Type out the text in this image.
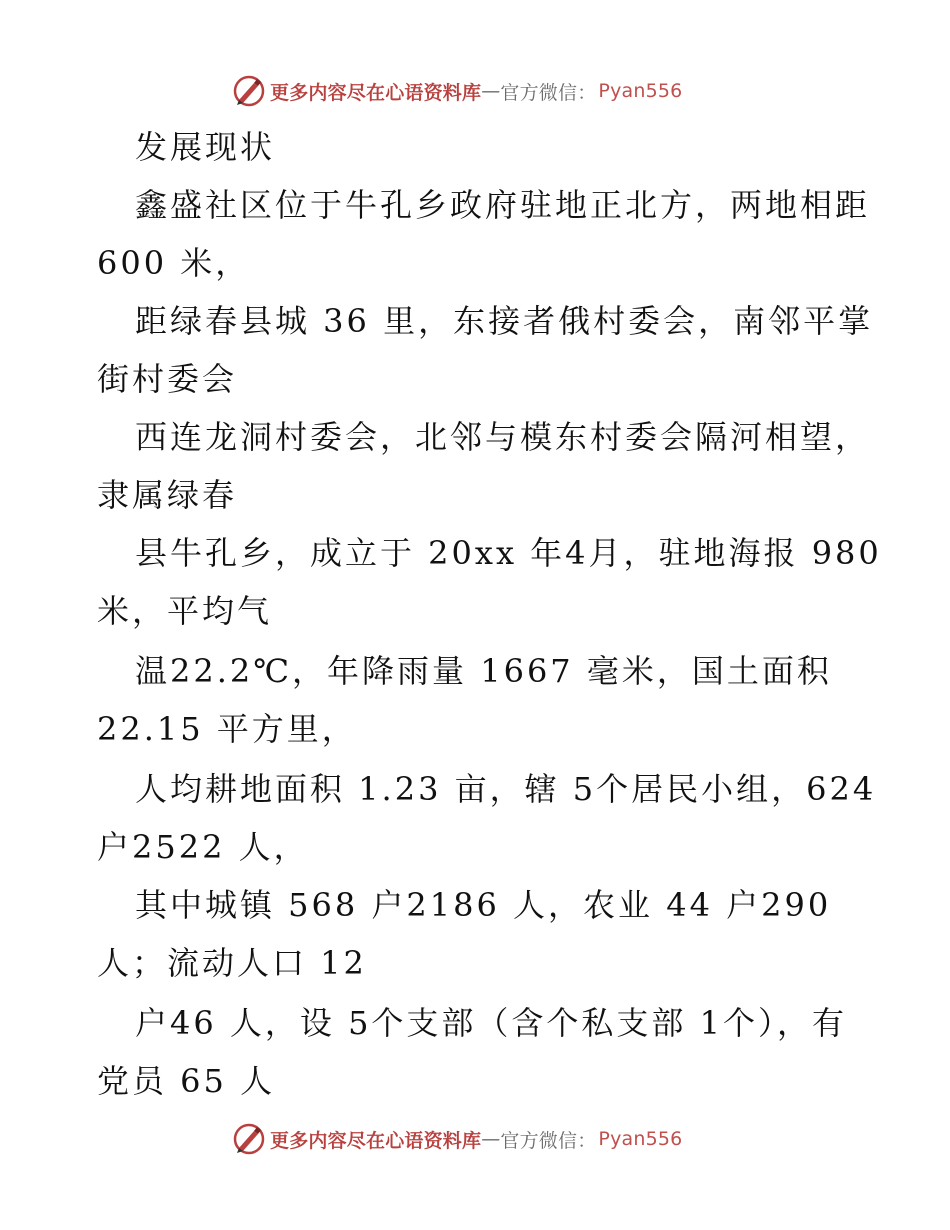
更多内容尽在心语资料库 — 官方微信： Pyan556
发展现状
鑫盛社区位于牛孔乡政府驻地正北方，两地相距
600 米，
距绿春县城 36 里，东接者俄村委会，南邻平掌
街村委会
西连龙洞村委会，北邻与模东村委会隔河相望，
隶属绿春
县牛孔乡，成立于 20xx 年4月，驻地海报 980
米，平均气
温22.2℃，年降雨量 1667 毫米，国土面积
22.15 平方里，
人均耕地面积 1.23 亩，辖 5个居民小组，624
户2522 人，
其中城镇 568 户2186 人，农业 44 户290
人；流动人口 12
户46 人，设 5个支部（含个私支部 1个），有
党员 65 人
更多内容尽在心语资料库 — 官方微信： Pyan556
